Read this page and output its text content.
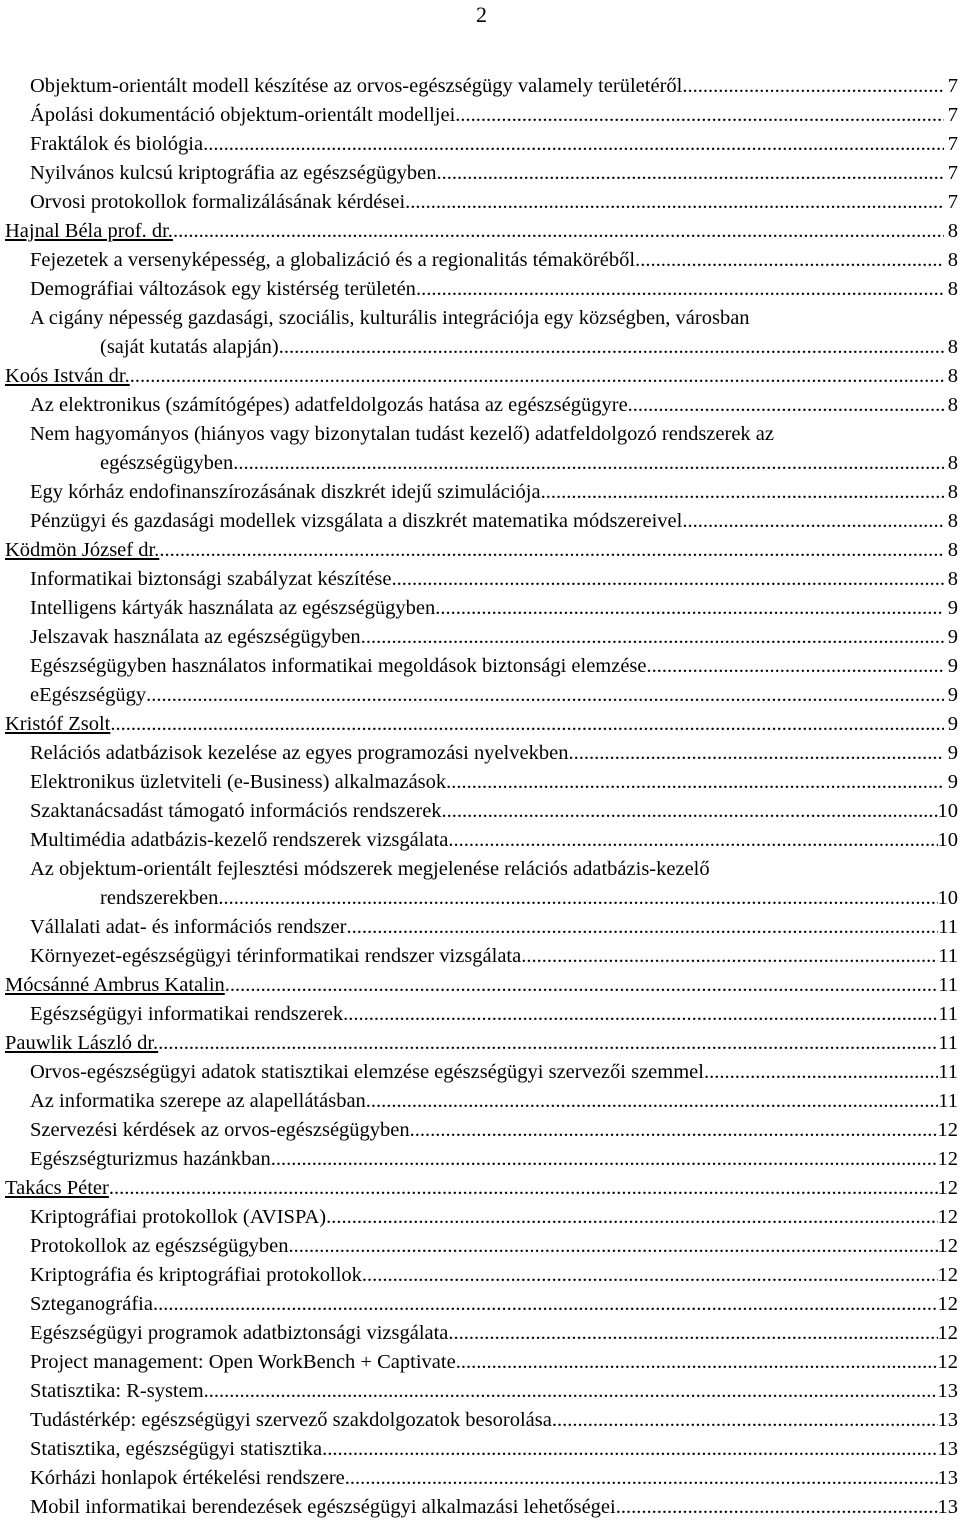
2
Objektum-orientált modell készítése az orvos-egészségügy valamely területéről. .....	7
Ápolási dokumentáció objektum-orientált modelljei. .....	7
Fraktálok és biológia .....	7
Nyilvános kulcsú kriptográfia az egészségügyben .....	7
Orvosi protokollok formalizálásának kérdései .....	7
Hajnal Béla prof. dr. .....	8
Fejezetek a versenyképesség, a globalizáció és a regionalitás témaköréből .....	8
Demográfiai változások egy kistérség területén .....	8
A cigány népesség gazdasági, szociális, kulturális integrációja egy községben, városban
(saját kutatás alapján) .....	8
Koós István dr. .....	8
Az elektronikus (számítógépes) adatfeldolgozás hatása az egészségügyre .....	8
Nem hagyományos (hiányos vagy bizonytalan tudást kezelő) adatfeldolgozó rendszerek az
egészségügyben .....	8
Egy kórház endofinanszírozásának diszkrét idejű szimulációja .....	8
Pénzügyi és gazdasági modellek vizsgálata a diszkrét matematika módszereivel .....	8
Ködmön József dr. .....	8
Informatikai biztonsági szabályzat készítése .....	8
Intelligens kártyák használata az egészségügyben .....	9
Jelszavak használata az egészségügyben .....	9
Egészségügyben használatos informatikai megoldások biztonsági elemzése .....	9
eEgészségügy .....	9
Kristóf Zsolt .....	9
Relációs adatbázisok kezelése az egyes programozási nyelvekben .....	9
Elektronikus üzletviteli (e-Business) alkalmazások .....	9
Szaktanácsadást támogató információs rendszerek .....	10
Multimédia adatbázis-kezelő rendszerek vizsgálata .....	10
Az objektum-orientált fejlesztési módszerek megjelenése relációs adatbázis-kezelő
rendszerekben .....	10
Vállalati adat- és információs rendszer .....	11
Környezet-egészségügyi térinformatikai rendszer vizsgálata .....	11
Mócsánné Ambrus Katalin .....	11
Egészségügyi informatikai rendszerek .....	11
Pauwlik László dr. .....	11
Orvos-egészségügyi adatok statisztikai elemzése egészségügyi szervezői szemmel .....	11
Az informatika szerepe az alapellátásban .....	11
Szervezési kérdések az orvos-egészségügyben .....	12
Egészségturizmus hazánkban .....	12
Takács Péter .....	12
Kriptográfiai protokollok (AVISPA) .....	12
Protokollok az egészségügyben .....	12
Kriptográfia és kriptográfiai protokollok .....	12
Szteganográfia .....	12
Egészségügyi programok adatbiztonsági vizsgálata .....	12
Project management: Open WorkBench + Captivate .....	12
Statisztika: R-system .....	13
Tudástérkép: egészségügyi szervező szakdolgozatok besorolása .....	13
Statisztika, egészségügyi statisztika .....	13
Kórházi honlapok értékelési rendszere .....	13
Mobil informatikai berendezések egészségügyi alkalmazási lehetőségei .....	13
